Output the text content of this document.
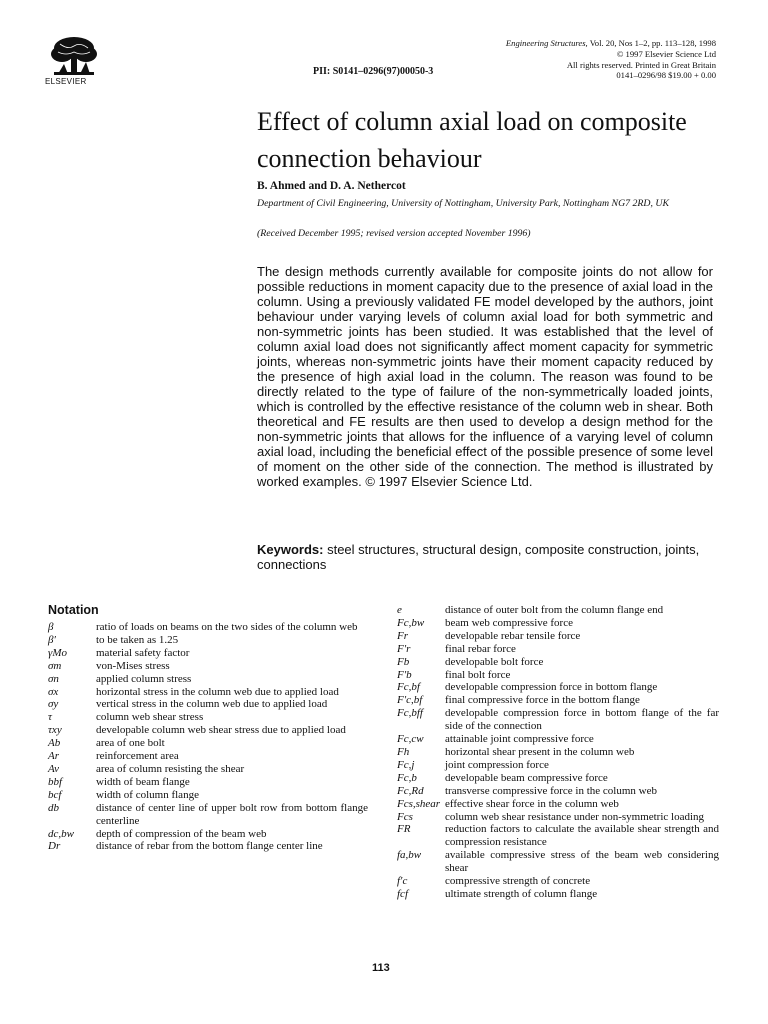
ELSEVIER
PII: S0141–0296(97)00050-3
Engineering Structures, Vol. 20, Nos 1–2, pp. 113–128, 1998
© 1997 Elsevier Science Ltd
All rights reserved. Printed in Great Britain
0141–0296/98 $19.00 + 0.00
Effect of column axial load on composite connection behaviour
B. Ahmed and D. A. Nethercot
Department of Civil Engineering, University of Nottingham, University Park, Nottingham NG7 2RD, UK
(Received December 1995; revised version accepted November 1996)

The design methods currently available for composite joints do not allow for possible reductions in moment capacity due to the presence of axial load in the column. Using a previously validated FE model developed by the authors, joint behaviour under varying levels of column axial load for both symmetric and non-symmetric joints has been studied. It was established that the level of column axial load does not significantly affect moment capacity for symmetric joints, whereas non-symmetric joints have their moment capacity reduced by the presence of high axial load in the column. The reason was found to be directly related to the type of failure of the non-symmetrically loaded joints, which is controlled by the effective resistance of the column web in shear. Both theoretical and FE results are then used to develop a design method for the non-symmetric joints that allows for the influence of a varying level of column axial load, including the beneficial effect of the possible presence of some level of moment on the other side of the connection. The method is illustrated by worked examples. © 1997 Elsevier Science Ltd.

Keywords: steel structures, structural design, composite construction, joints, connections

Notation
β	ratio of loads on beams on the two sides of the column web
β′	to be taken as 1.25
γMo	material safety factor
σm	von-Mises stress
σn	applied column stress
σx	horizontal stress in the column web due to applied load
σy	vertical stress in the column web due to applied load
τ	column web shear stress
τxy	developable column web shear stress due to applied load
Ab	area of one bolt
Ar	reinforcement area
Av	area of column resisting the shear
bbf	width of beam flange
bcf	width of column flange
db	distance of center line of upper bolt row from bottom flange centerline
dc,bw	depth of compression of the beam web
Dr	distance of rebar from the bottom flange center line
e	distance of outer bolt from the column flange end
Fc,bw	beam web compressive force
Fr	developable rebar tensile force
F′r	final rebar force
Fb	developable bolt force
F′b	final bolt force
Fc,bf	developable compression force in bottom flange
F′c,bf	final compressive force in the bottom flange
Fc,bff	developable compression force in bottom flange of the far side of the connection
Fc,cw	attainable joint compressive force
Fh	horizontal shear present in the column web
Fc,j	joint compression force
Fc,b	developable beam compressive force
Fc,Rd	transverse compressive force in the column web
Fcs,shear effective shear force in the column web
Fcs	column web shear resistance under non-symmetric loading
FR	reduction factors to calculate the available shear strength and compression resistance
fa,bw	available compressive stress of the beam web considering shear
f′c	compressive strength of concrete
fcf	ultimate strength of column flange
113
